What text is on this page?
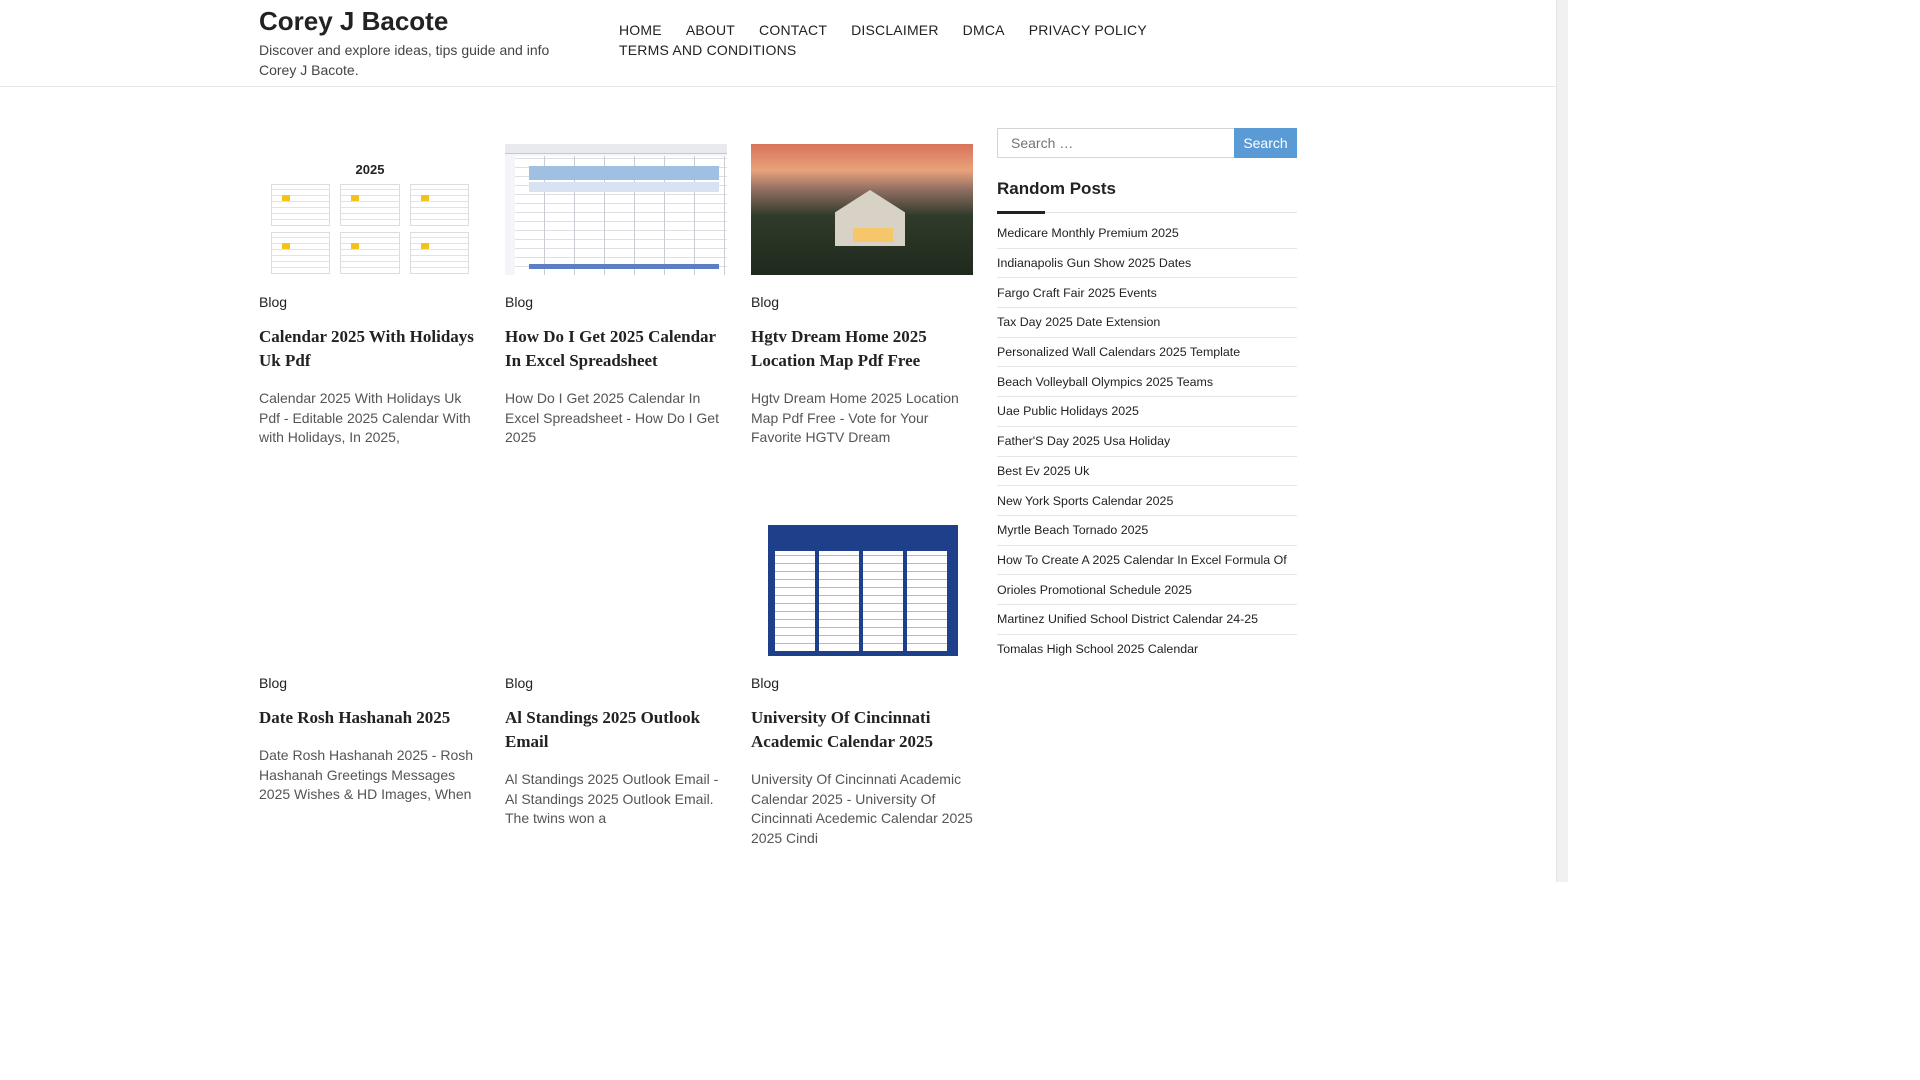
Corey J Bacote

Discover and explore ideas, tips guide and info Corey J Bacote.

HOME ABOUT CONTACT DISCLAIMER DMCA PRIVACY POLICY
TERMS AND CONDITIONS
2025
Blog
Calendar 2025 With Holidays Uk Pdf

Calendar 2025 With Holidays Uk Pdf - Editable 2025 Calendar With with Holidays, In 2025,

Blog
How Do I Get 2025 Calendar In Excel Spreadsheet

How Do I Get 2025 Calendar In Excel Spreadsheet - How Do I Get 2025

Blog
Hgtv Dream Home 2025 Location Map Pdf Free

Hgtv Dream Home 2025 Location Map Pdf Free - Vote for Your Favorite HGTV Dream

Blog
Date Rosh Hashanah 2025

Date Rosh Hashanah 2025 - Rosh Hashanah Greetings Messages 2025 Wishes & HD Images, When

Blog
Al Standings 2025 Outlook Email

Al Standings 2025 Outlook Email - Al Standings 2025 Outlook Email. The twins won a

Blog
University Of Cincinnati Academic Calendar 2025

University Of Cincinnati Academic Calendar 2025 - University Of Cincinnati Acedemic Calendar 2025 2025 Cindi

Search …
Search
Random Posts
Medicare Monthly Premium 2025
Indianapolis Gun Show 2025 Dates
Fargo Craft Fair 2025 Events
Tax Day 2025 Date Extension
Personalized Wall Calendars 2025 Template
Beach Volleyball Olympics 2025 Teams
Uae Public Holidays 2025
Father'S Day 2025 Usa Holiday
Best Ev 2025 Uk
New York Sports Calendar 2025
Myrtle Beach Tornado 2025
How To Create A 2025 Calendar In Excel Formula Of
Orioles Promotional Schedule 2025
Martinez Unified School District Calendar 24-25
Tomalas High School 2025 Calendar
